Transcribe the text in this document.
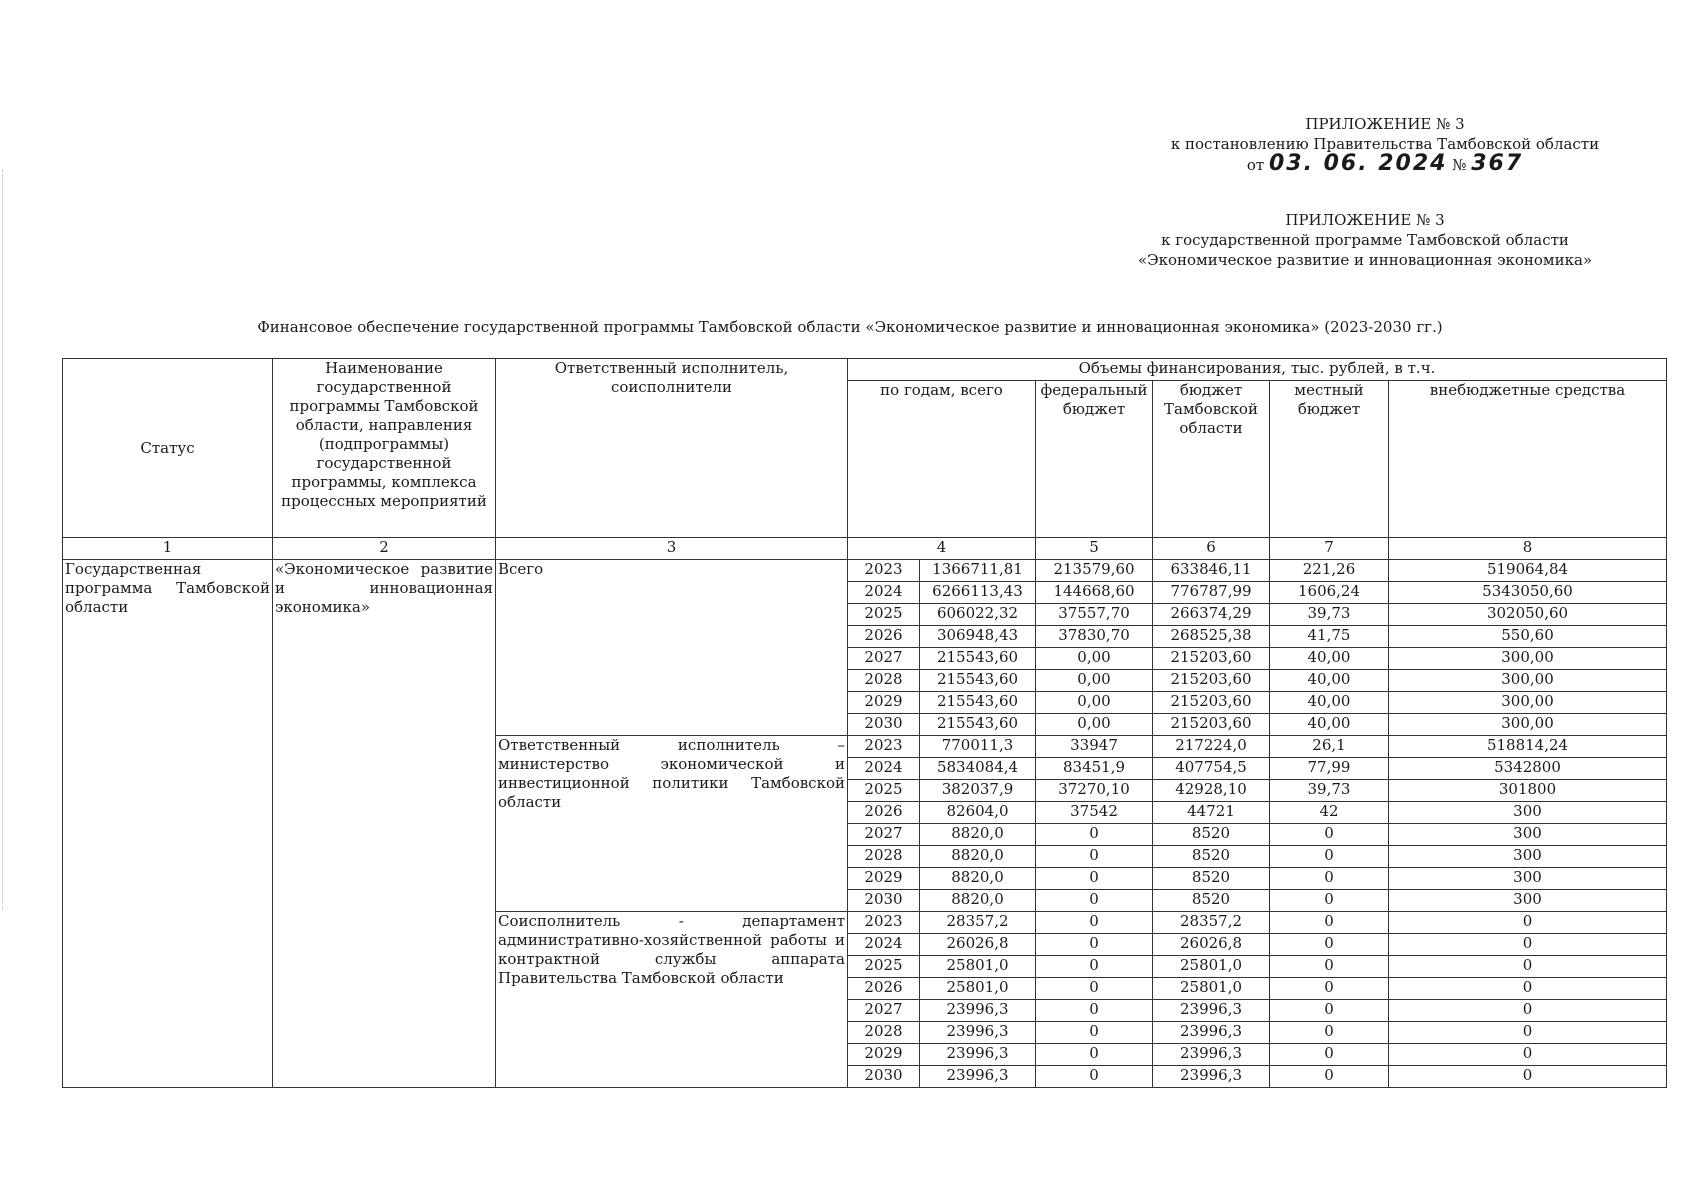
ПРИЛОЖЕНИЕ № 3
к постановлению Правительства Тамбовской области
от 03. 06. 2024 № 367
ПРИЛОЖЕНИЕ № 3
к государственной программе Тамбовской области
«Экономическое развитие и инновационная экономика»
Финансовое обеспечение государственной программы Тамбовской области «Экономическое развитие и инновационная экономика» (2023-2030 гг.)
Статус	Наименование государственной программы Тамбовской области, направления (подпрограммы) государственной программы, комплекса процессных мероприятий	Ответственный исполнитель, соисполнители	Объемы финансирования, тыс. рублей, в т.ч.					
			по годам, всего		федеральный бюджет	бюджет Тамбовской области	местный бюджет	внебюджетные средства
1	2	3	4		5	6	7	8
Государственная программа Тамбовской области	«Экономическое развитие и инновационная экономика»	Всего	2023	1366711,81	213579,60	633846,11	221,26	519064,84
			2024	6266113,43	144668,60	776787,99	1606,24	5343050,60
			2025	606022,32	37557,70	266374,29	39,73	302050,60
			2026	306948,43	37830,70	268525,38	41,75	550,60
			2027	215543,60	0,00	215203,60	40,00	300,00
			2028	215543,60	0,00	215203,60	40,00	300,00
			2029	215543,60	0,00	215203,60	40,00	300,00
			2030	215543,60	0,00	215203,60	40,00	300,00
		Ответственный исполнитель – министерство экономической и инвестиционной политики Тамбовской области	2023	770011,3	33947	217224,0	26,1	518814,24
			2024	5834084,4	83451,9	407754,5	77,99	5342800
			2025	382037,9	37270,10	42928,10	39,73	301800
			2026	82604,0	37542	44721	42	300
			2027	8820,0	0	8520	0	300
			2028	8820,0	0	8520	0	300
			2029	8820,0	0	8520	0	300
			2030	8820,0	0	8520	0	300
		Соисполнитель - департамент административно-хозяйственной работы и контрактной службы аппарата Правительства Тамбовской области	2023	28357,2	0	28357,2	0	0
			2024	26026,8	0	26026,8	0	0
			2025	25801,0	0	25801,0	0	0
			2026	25801,0	0	25801,0	0	0
			2027	23996,3	0	23996,3	0	0
			2028	23996,3	0	23996,3	0	0
			2029	23996,3	0	23996,3	0	0
			2030	23996,3	0	23996,3	0	0
